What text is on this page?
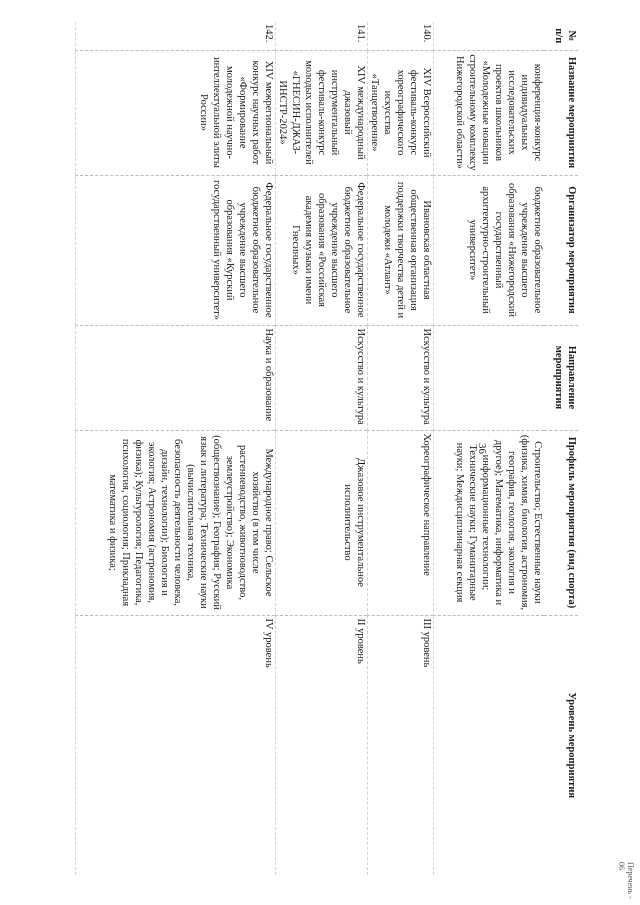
36
№ п/п	Название мероприятия	Организатор мероприятия	Направление мероприятия	Профиль мероприятия (вид спорта)	Уровень мероприятия
	конференция-конкурс индивидуальных исследовательских проектов школьников «Молодежные новации строительному комплексу Нижегородской области»	бюджетное образовательное учреждение высшего образования «Нижегородский государственный архитектурно-строительный университет»		Строительство; Естественные науки (физика, химия, биология, астрономия, география, геология, экология и другое); Математика, информатика и информационные технологии; Технические науки; Гуманитарные науки; Междисциплинарная секция	
140.	XIV Всероссийский фестиваль-конкурс хореографического искусства «Танцетворение»	Ивановская областная общественная организация поддержки творчества детей и молодежи «Атлант»	Искусство и культура	Хореографическое направление	III уровень
141.	XIV международный джазовый инструментальный фестиваль-конкурс молодых исполнителей «ГНЕСИН-ДЖАЗ-ИНСТР-2024»	Федеральное государственное бюджетное образовательное учреждение высшего образования «Российская академия музыки имени Гнесиных»	Искусство и культура	Джазовое инструментальное исполнительство	II уровень
142.	XIV межрегиональный конкурс научных работ «Формирование молодежной научно-интеллектуальной элиты России»	Федеральное государственное бюджетное образовательное учреждение высшего образования «Курский государственный университет»	Наука и образование	Международное право; Сельское хозяйство (в том числе растениеводство, животноводство, землеустройство); Экономика (обществознание); География; Русский язык и литература; Технические науки (вычислительная техника, безопасность деятельности человека, дизайн, технологии); Биология и экология; Астрономия (астрономия, физика); Культурология; Педагогика, психология, социология; Прикладная математика и физика;	IV уровень
Перечень - 06
